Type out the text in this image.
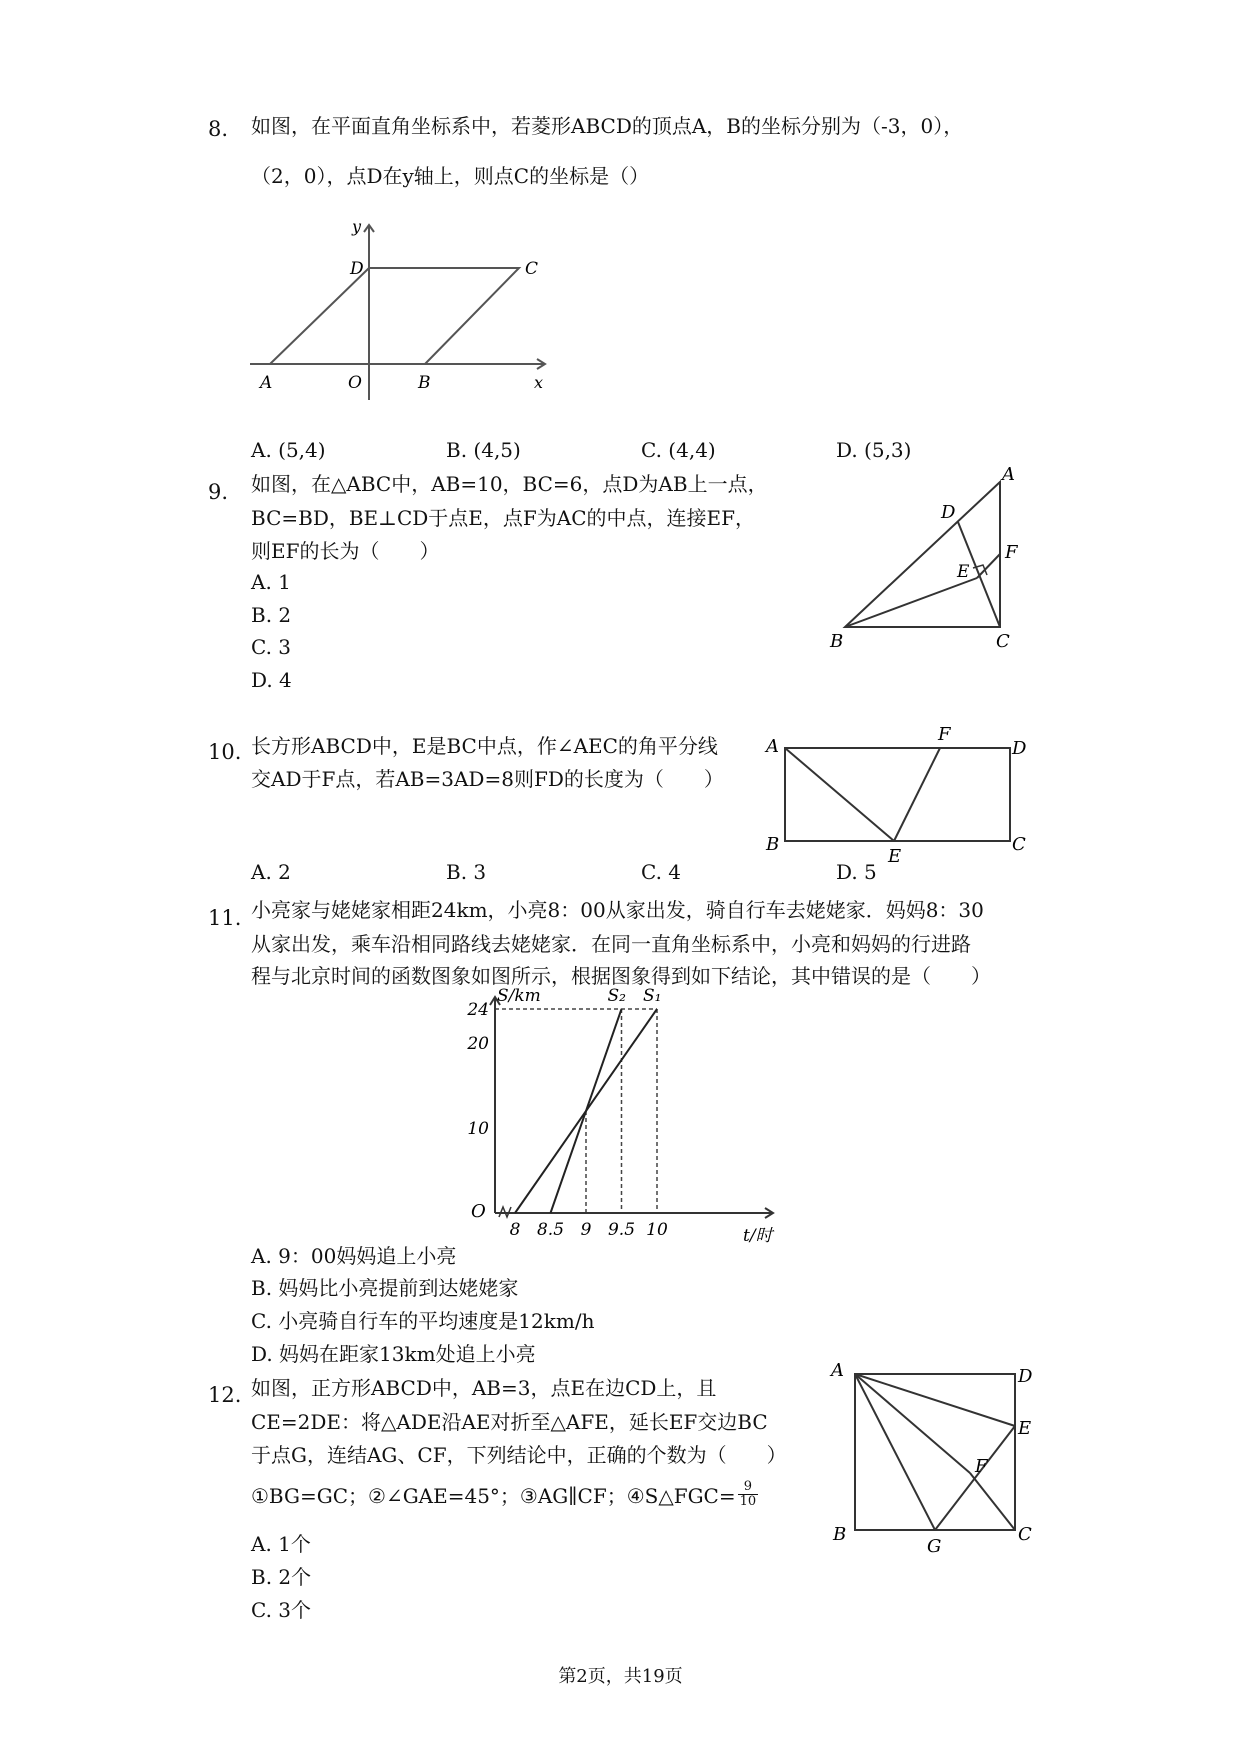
8. 如图，在平面直角坐标系中，若菱形ABCD的顶点A，B的坐标分别为（-3，0），
（2，0），点D在y轴上，则点C的坐标是（）
y
D	C
A	O	B	x
A. (5,4)	B. (4,5)	C. (4,4)	D. (5,3)
9. 如图，在△ABC中，AB=10，BC=6，点D为AB上一点，
BC=BD，BE⊥CD于点E，点F为AC的中点，连接EF，
则EF的长为（　　）
A. 1
B. 2
C. 3
D. 4
A
D
F
E
B	C
10. 长方形ABCD中，E是BC中点，作∠AEC的角平分线
交AD于F点，若AB=3AD=8则FD的长度为（　　）
A
F
D
B
E
C
A. 2	B. 3	C. 4	D. 5
11. 小亮家与姥姥家相距24km，小亮8：00从家出发，骑自行车去姥姥家．妈妈8：30
从家出发，乘车沿相同路线去姥姥家．在同一直角坐标系中，小亮和妈妈的行进路
程与北京时间的函数图象如图所示，根据图象得到如下结论，其中错误的是（　　）
S₁
S₂
8 8.5 9 9.5 10
24
20
10
S/km
t/时
O
A. 9：00妈妈追上小亮
B. 妈妈比小亮提前到达姥姥家
C. 小亮骑自行车的平均速度是12km/h
D. 妈妈在距家13km处追上小亮
12. 如图，正方形ABCD中，AB=3，点E在边CD上，且
CE=2DE：将△ADE沿AE对折至△AFE，延长EF交边BC
于点G，连结AG、CF，下列结论中，正确的个数为（　　）
①BG=GC；②∠GAE=45°；③AG∥CF；④S△FGC= $\frac{9}{10}$
A. 1个
B. 2个
C. 3个
A	D
E
F
B
G
C
第2页，共19页
